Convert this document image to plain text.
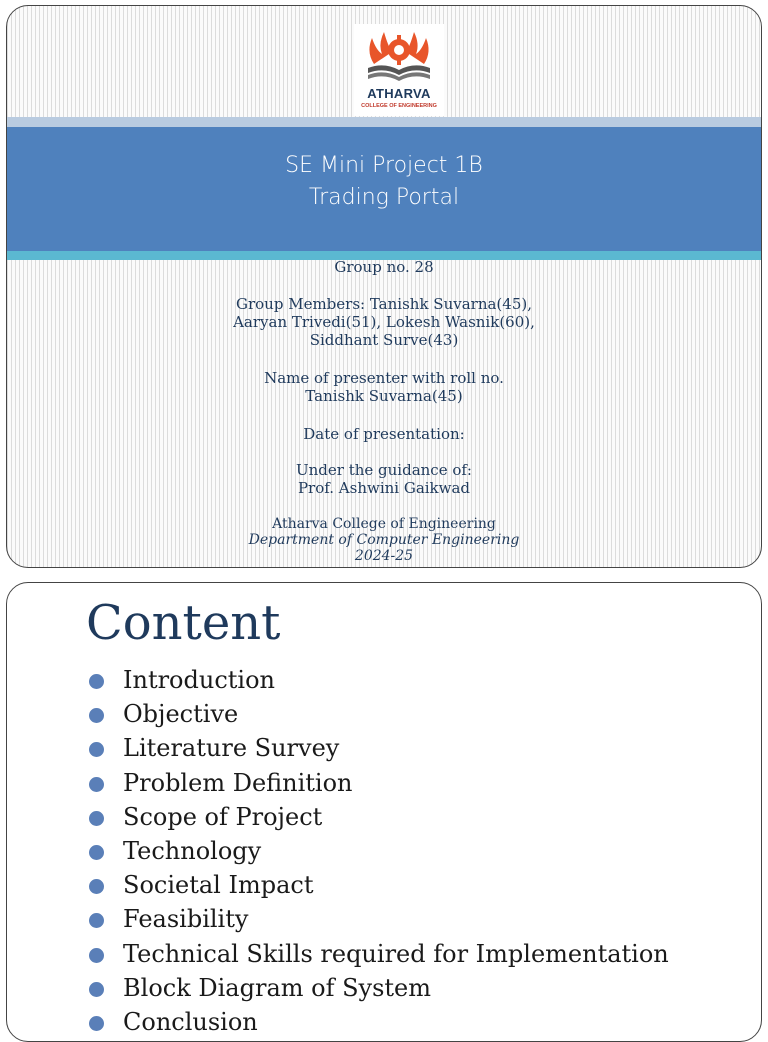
ATHARVA
COLLEGE OF ENGINEERING
SE Mini Project 1B
Trading Portal
Group no. 28
Group Members: Tanishk Suvarna(45),
Aaryan Trivedi(51), Lokesh Wasnik(60),
Siddhant Surve(43)
Name of presenter with roll no.
Tanishk Suvarna(45)
Date of presentation:
Under the guidance of:
Prof. Ashwini Gaikwad
Atharva College of Engineering
Department of Computer Engineering
2024-25
Content
Introduction
Objective
Literature Survey
Problem Definition
Scope of Project
Technology
Societal Impact
Feasibility
Technical Skills required for Implementation
Block Diagram of System
Conclusion
